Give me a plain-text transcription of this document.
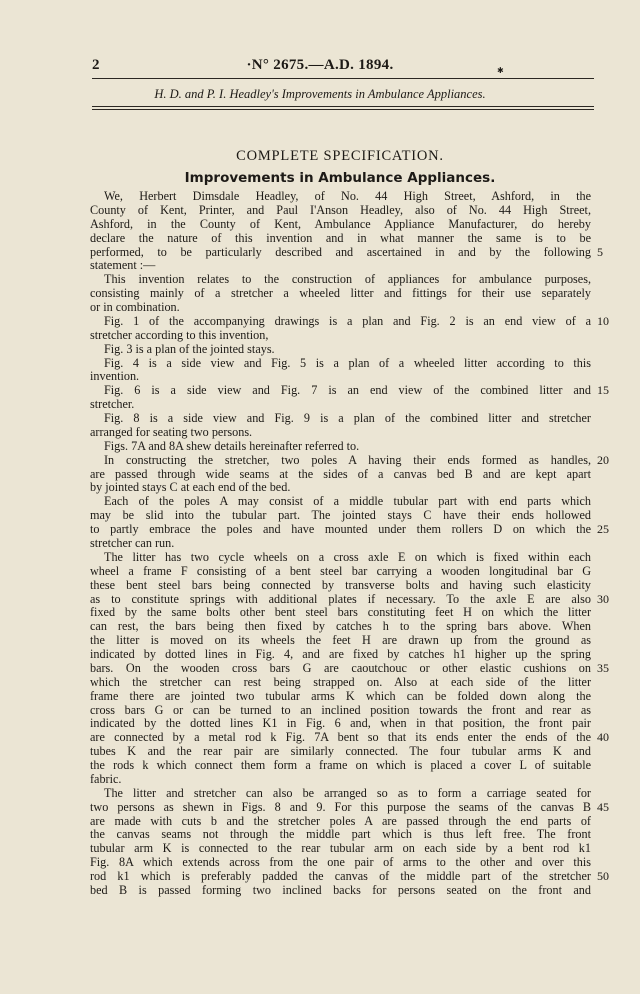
2	·N° 2675.—A.D. 1894.	✱
H. D. and P. I. Headley's Improvements in Ambulance Appliances.
COMPLETE SPECIFICATION.
Improvements in Ambulance Appliances.
We, Herbert Dimsdale Headley, of No. 44 High Street, Ashford, in the
County of Kent, Printer, and Paul I'Anson Headley, also of No. 44 High Street,
Ashford, in the County of Kent, Ambulance Appliance Manufacturer, do hereby
declare the nature of this invention and in what manner the same is to be
performed, to be particularly described and ascertained in and by the following
statement :—
This invention relates to the construction of appliances for ambulance purposes,
consisting mainly of a stretcher a wheeled litter and fittings for their use separately
or in combination.
Fig. 1 of the accompanying drawings is a plan and Fig. 2 is an end view of a
stretcher according to this invention,
Fig. 3 is a plan of the jointed stays.
Fig. 4 is a side view and Fig. 5 is a plan of a wheeled litter according to this
invention.
Fig. 6 is a side view and Fig. 7 is an end view of the combined litter and
stretcher.
Fig. 8 is a side view and Fig. 9 is a plan of the combined litter and stretcher
arranged for seating two persons.
Figs. 7A and 8A shew details hereinafter referred to.
In constructing the stretcher, two poles A having their ends formed as handles,
are passed through wide seams at the sides of a canvas bed B and are kept apart
by jointed stays C at each end of the bed.
Each of the poles A may consist of a middle tubular part with end parts which
may be slid into the tubular part. The jointed stays C have their ends hollowed
to partly embrace the poles and have mounted under them rollers D on which the
stretcher can run.
The litter has two cycle wheels on a cross axle E on which is fixed within each
wheel a frame F consisting of a bent steel bar carrying a wooden longitudinal bar G
these bent steel bars being connected by transverse bolts and having such elasticity
as to constitute springs with additional plates if necessary. To the axle E are also
fixed by the same bolts other bent steel bars constituting feet H on which the litter
can rest, the bars being then fixed by catches h to the spring bars above. When
the litter is moved on its wheels the feet H are drawn up from the ground as
indicated by dotted lines in Fig. 4, and are fixed by catches h1 higher up the spring
bars. On the wooden cross bars G are caoutchouc or other elastic cushions on
which the stretcher can rest being strapped on. Also at each side of the litter
frame there are jointed two tubular arms K which can be folded down along the
cross bars G or can be turned to an inclined position towards the front and rear as
indicated by the dotted lines K1 in Fig. 6 and, when in that position, the front pair
are connected by a metal rod k Fig. 7A bent so that its ends enter the ends of the
tubes K and the rear pair are similarly connected. The four tubular arms K and
the rods k which connect them form a frame on which is placed a cover L of suitable
fabric.
The litter and stretcher can also be arranged so as to form a carriage seated for
two persons as shewn in Figs. 8 and 9. For this purpose the seams of the canvas B
are made with cuts b and the stretcher poles A are passed through the end parts of
the canvas seams not through the middle part which is thus left free. The front
tubular arm K is connected to the rear tubular arm on each side by a bent rod k1
Fig. 8A which extends across from the one pair of arms to the other and over this
rod k1 which is preferably padded the canvas of the middle part of the stretcher
bed B is passed forming two inclined backs for persons seated on the front and
5
10
15
20
25
30
35
40
45
50
